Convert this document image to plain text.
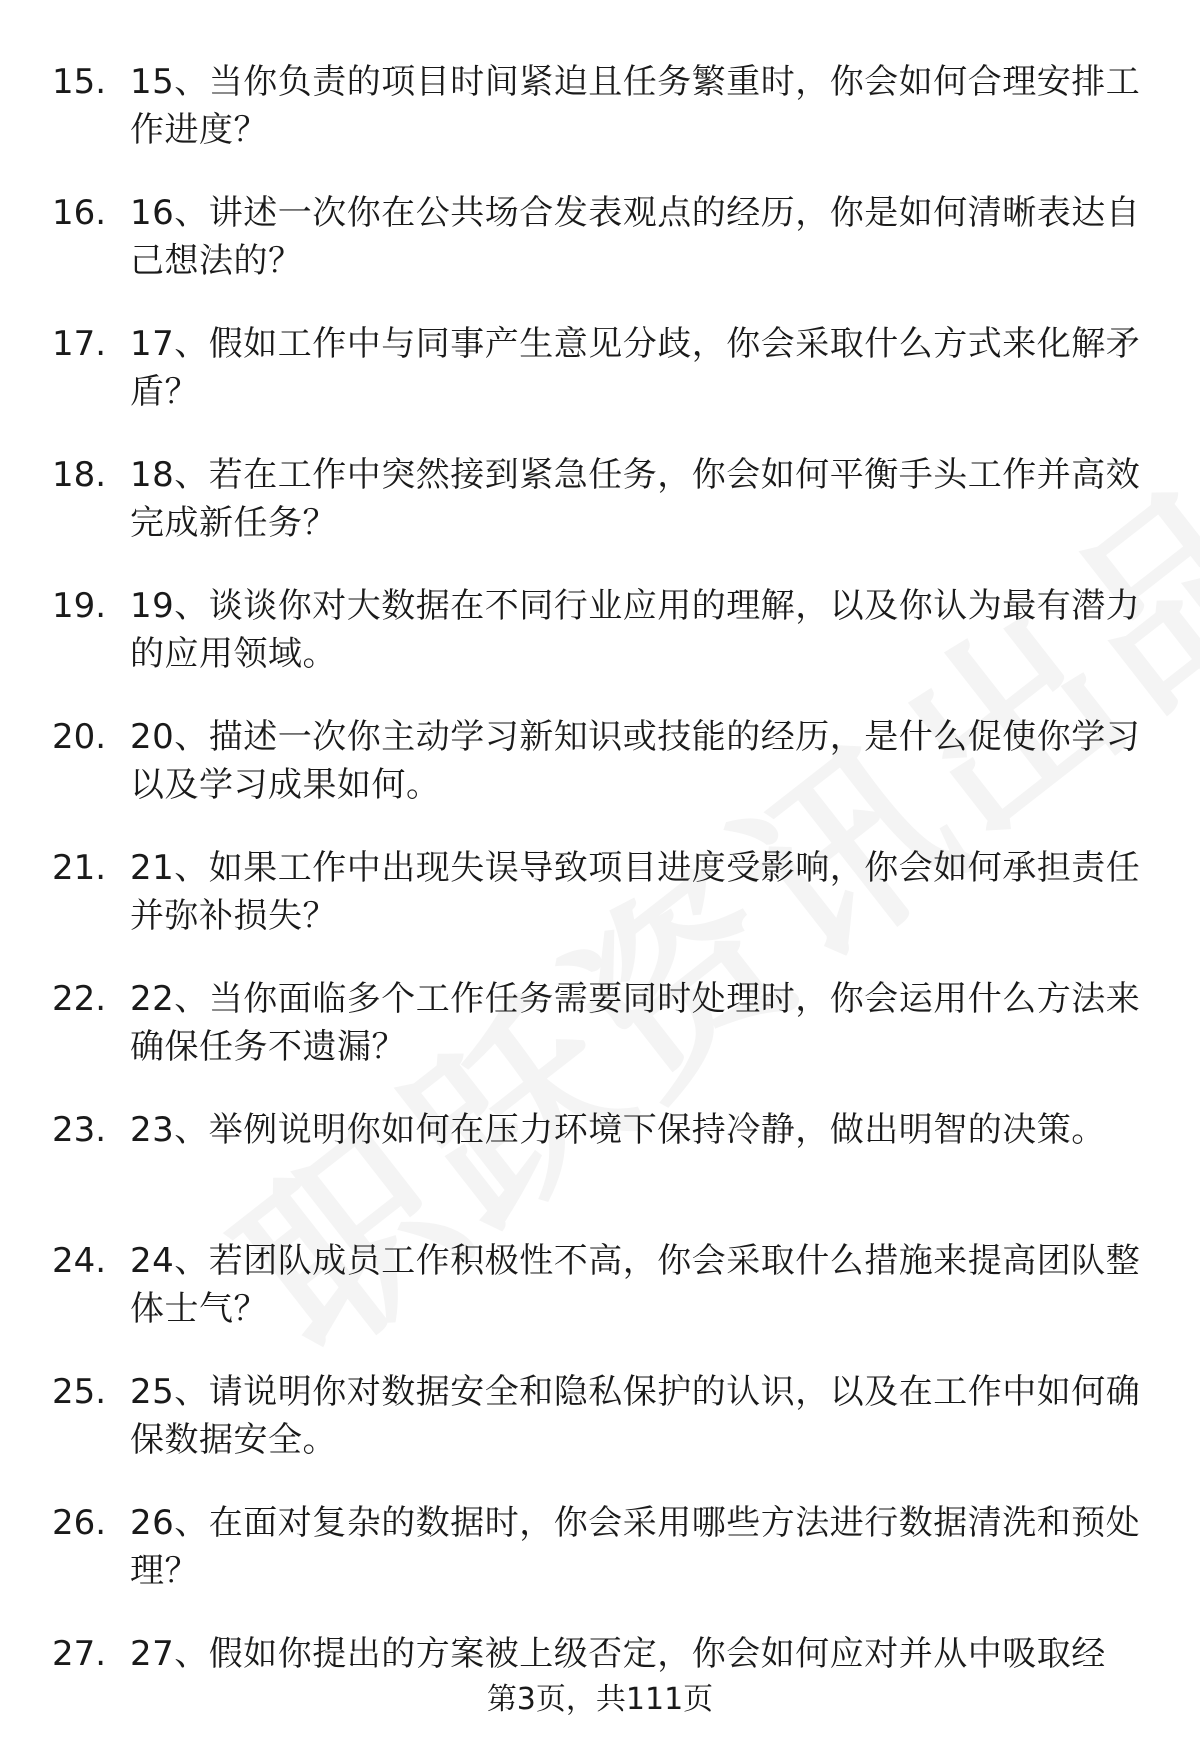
15. 15、当你负责的项目时间紧迫且任务繁重时，你会如何合理安排工作进度？
16. 16、讲述一次你在公共场合发表观点的经历，你是如何清晰表达自己想法的？
17. 17、假如工作中与同事产生意见分歧，你会采取什么方式来化解矛盾？
18. 18、若在工作中突然接到紧急任务，你会如何平衡手头工作并高效完成新任务？
19. 19、谈谈你对大数据在不同行业应用的理解，以及你认为最有潜力的应用领域。
20. 20、描述一次你主动学习新知识或技能的经历，是什么促使你学习以及学习成果如何。
21. 21、如果工作中出现失误导致项目进度受影响，你会如何承担责任并弥补损失？
22. 22、当你面临多个工作任务需要同时处理时，你会运用什么方法来确保任务不遗漏？
23. 23、举例说明你如何在压力环境下保持冷静，做出明智的决策。
24. 24、若团队成员工作积极性不高，你会采取什么措施来提高团队整体士气？
25. 25、请说明你对数据安全和隐私保护的认识，以及在工作中如何确保数据安全。
26. 26、在面对复杂的数据时，你会采用哪些方法进行数据清洗和预处理？
27. 27、假如你提出的方案被上级否定，你会如何应对并从中吸取经
第3页，共111页
